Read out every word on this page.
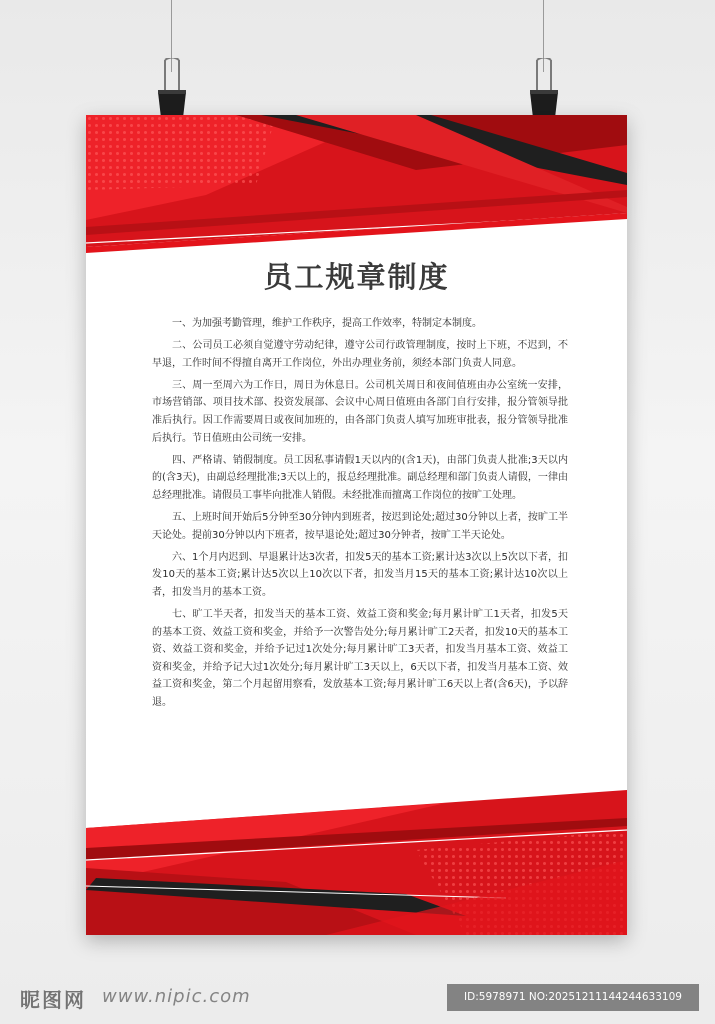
员工规章制度

一、为加强考勤管理，维护工作秩序，提高工作效率，特制定本制度。

二、公司员工必须自觉遵守劳动纪律，遵守公司行政管理制度，按时上下班，不迟到，不早退，工作时间不得擅自离开工作岗位，外出办理业务前，须经本部门负责人同意。

三、周一至周六为工作日，周日为休息日。公司机关周日和夜间值班由办公室统一安排，市场营销部、项目技术部、投资发展部、会议中心周日值班由各部门自行安排，报分管领导批准后执行。因工作需要周日或夜间加班的，由各部门负责人填写加班审批表，报分管领导批准后执行。节日值班由公司统一安排。

四、严格请、销假制度。员工因私事请假1天以内的(含1天)，由部门负责人批准;3天以内的(含3天)，由副总经理批准;3天以上的，报总经理批准。副总经理和部门负责人请假，一律由总经理批准。请假员工事毕向批准人销假。未经批准而擅离工作岗位的按旷工处理。

五、上班时间开始后5分钟至30分钟内到班者，按迟到论处;超过30分钟以上者，按旷工半天论处。提前30分钟以内下班者，按早退论处;超过30分钟者，按旷工半天论处。

六、1个月内迟到、早退累计达3次者，扣发5天的基本工资;累计达3次以上5次以下者，扣发10天的基本工资;累计达5次以上10次以下者，扣发当月15天的基本工资;累计达10次以上者，扣发当月的基本工资。

七、旷工半天者，扣发当天的基本工资、效益工资和奖金;每月累计旷工1天者，扣发5天的基本工资、效益工资和奖金，并给予一次警告处分;每月累计旷工2天者，扣发10天的基本工资、效益工资和奖金，并给予记过1次处分;每月累计旷工3天者，扣发当月基本工资、效益工资和奖金，并给予记大过1次处分;每月累计旷工3天以上，6天以下者，扣发当月基本工资、效益工资和奖金，第二个月起留用察看，发放基本工资;每月累计旷工6天以上者(含6天)，予以辞退。

昵图网 www.nipic.com	ID:5978971 NO:20251211144244633109
